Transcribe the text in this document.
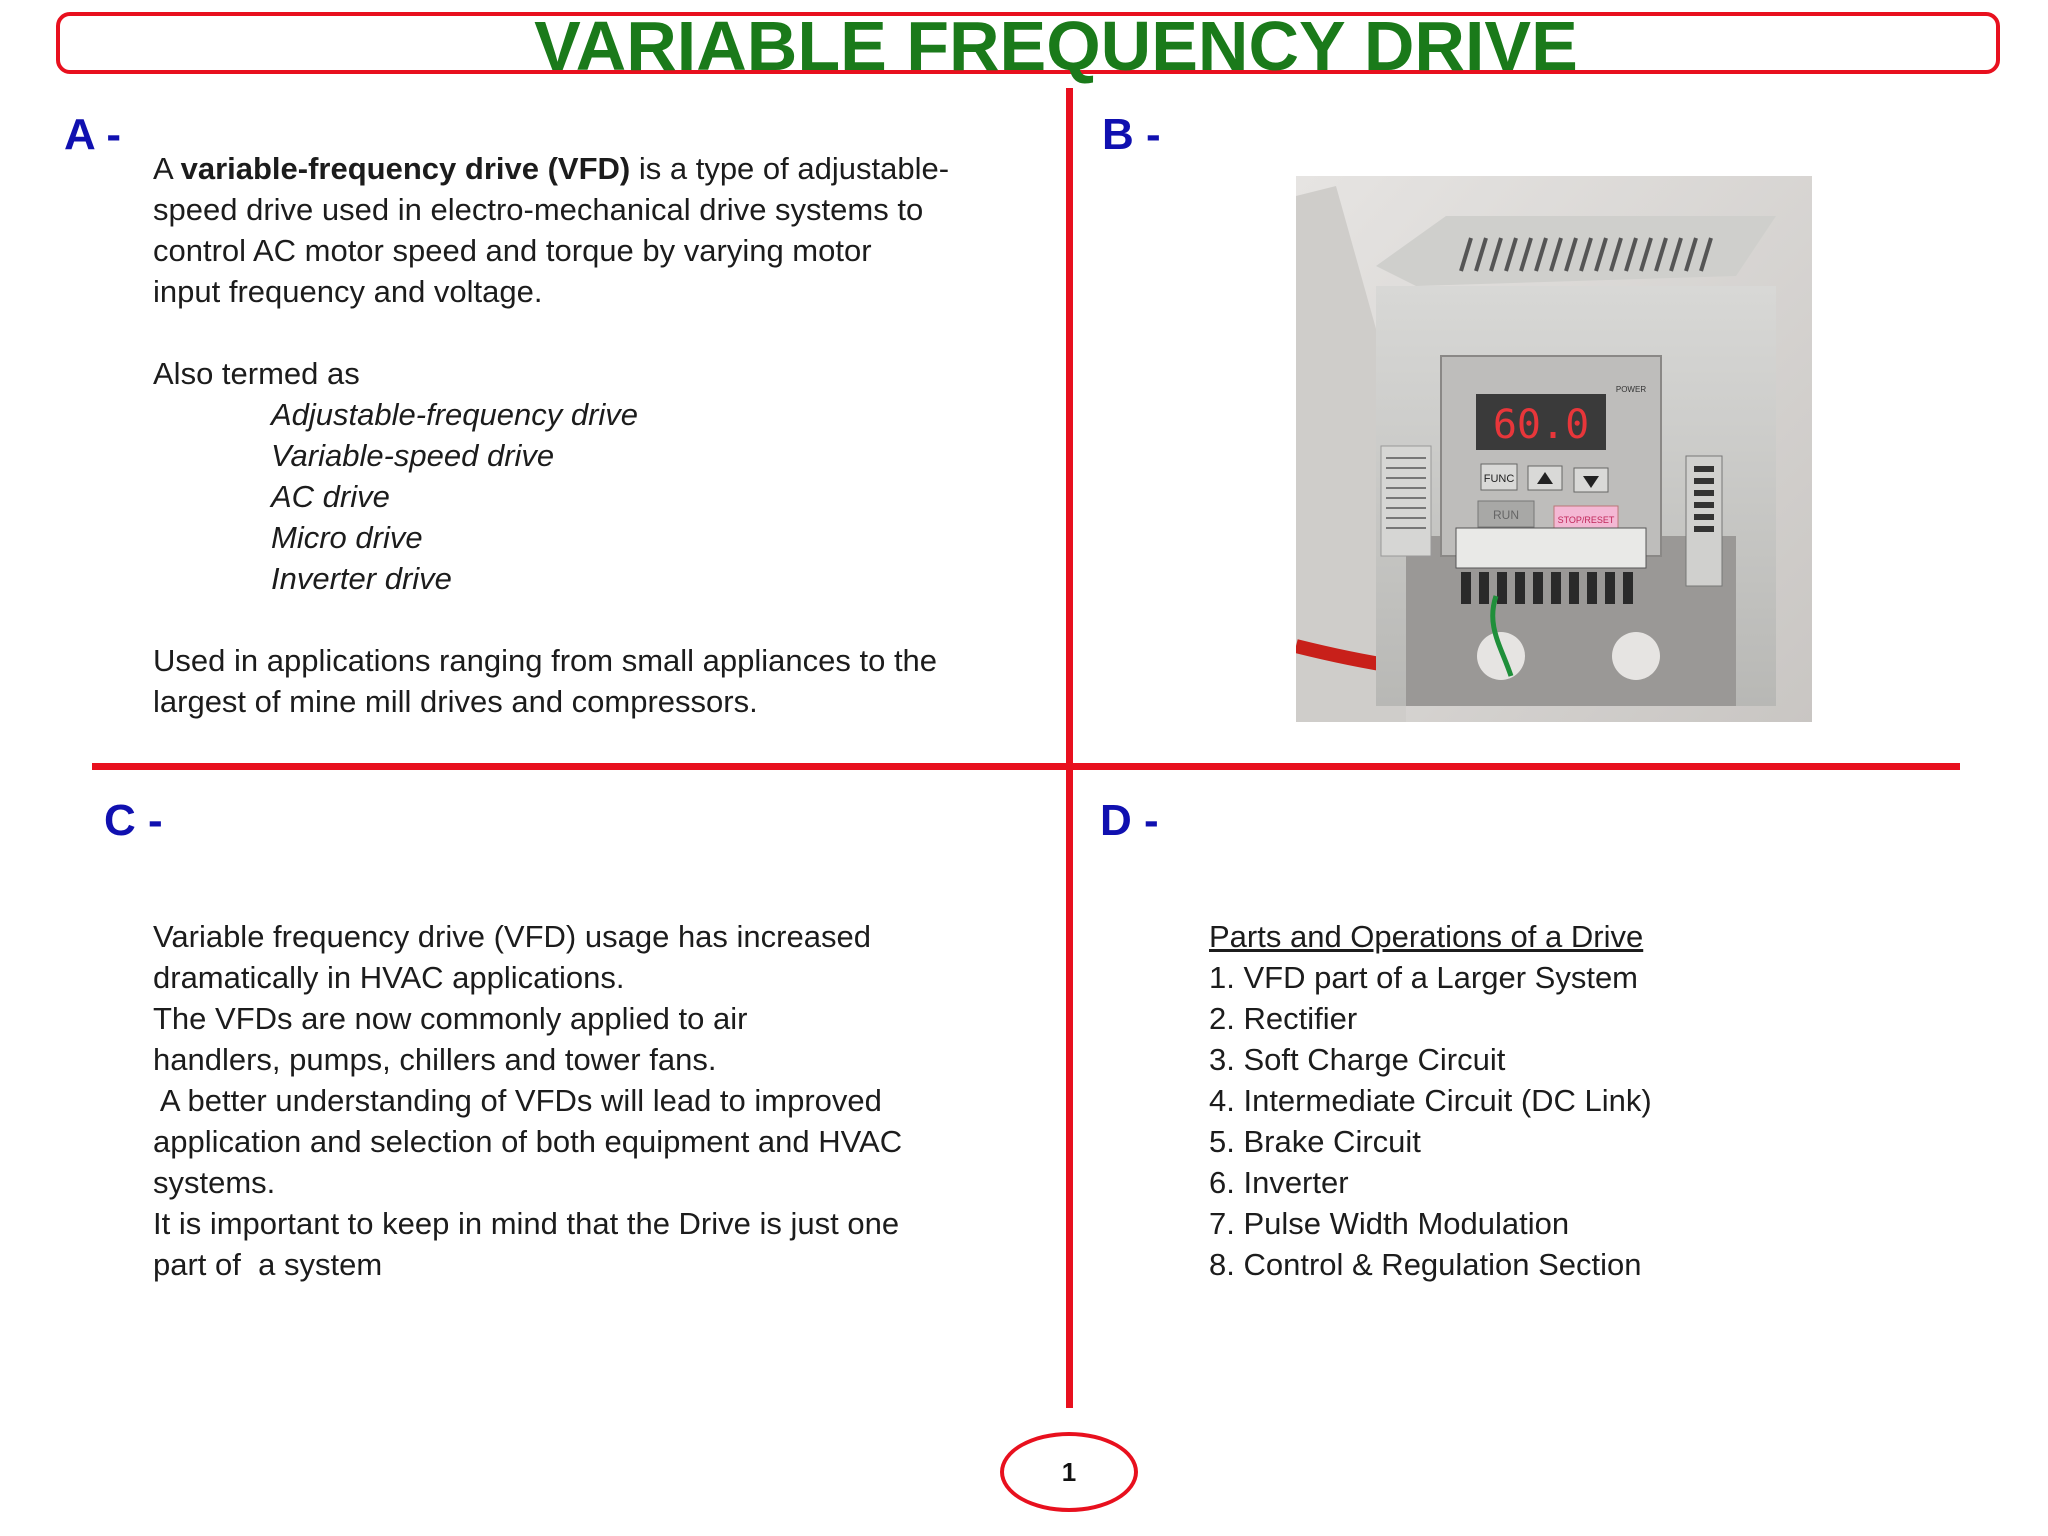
VARIABLE FREQUENCY DRIVE
A -

A variable-frequency drive (VFD) is a type of adjustable-

speed drive used in electro-mechanical drive systems to

control AC motor speed and torque by varying motor

input frequency and voltage.

Also termed as

Adjustable-frequency drive

Variable-speed drive

AC drive

Micro drive

Inverter drive

Used in applications ranging from small appliances to the

largest of mine mill drives and compressors.

B -
60.0
POWER
FUNC
RUN	STOP/RESET
C -

Variable frequency drive (VFD) usage has increased

dramatically in HVAC applications.

The VFDs are now commonly applied to air

handlers, pumps, chillers and tower fans.

A better understanding of VFDs will lead to improved

application and selection of both equipment and HVAC

systems.

It is important to keep in mind that the Drive is just one

part of  a system

D -

Parts and Operations of a Drive

1. VFD part of a Larger System
2. Rectifier
3. Soft Charge Circuit
4. Intermediate Circuit (DC Link)
5. Brake Circuit
6. Inverter
7. Pulse Width Modulation
8. Control & Regulation Section
1
